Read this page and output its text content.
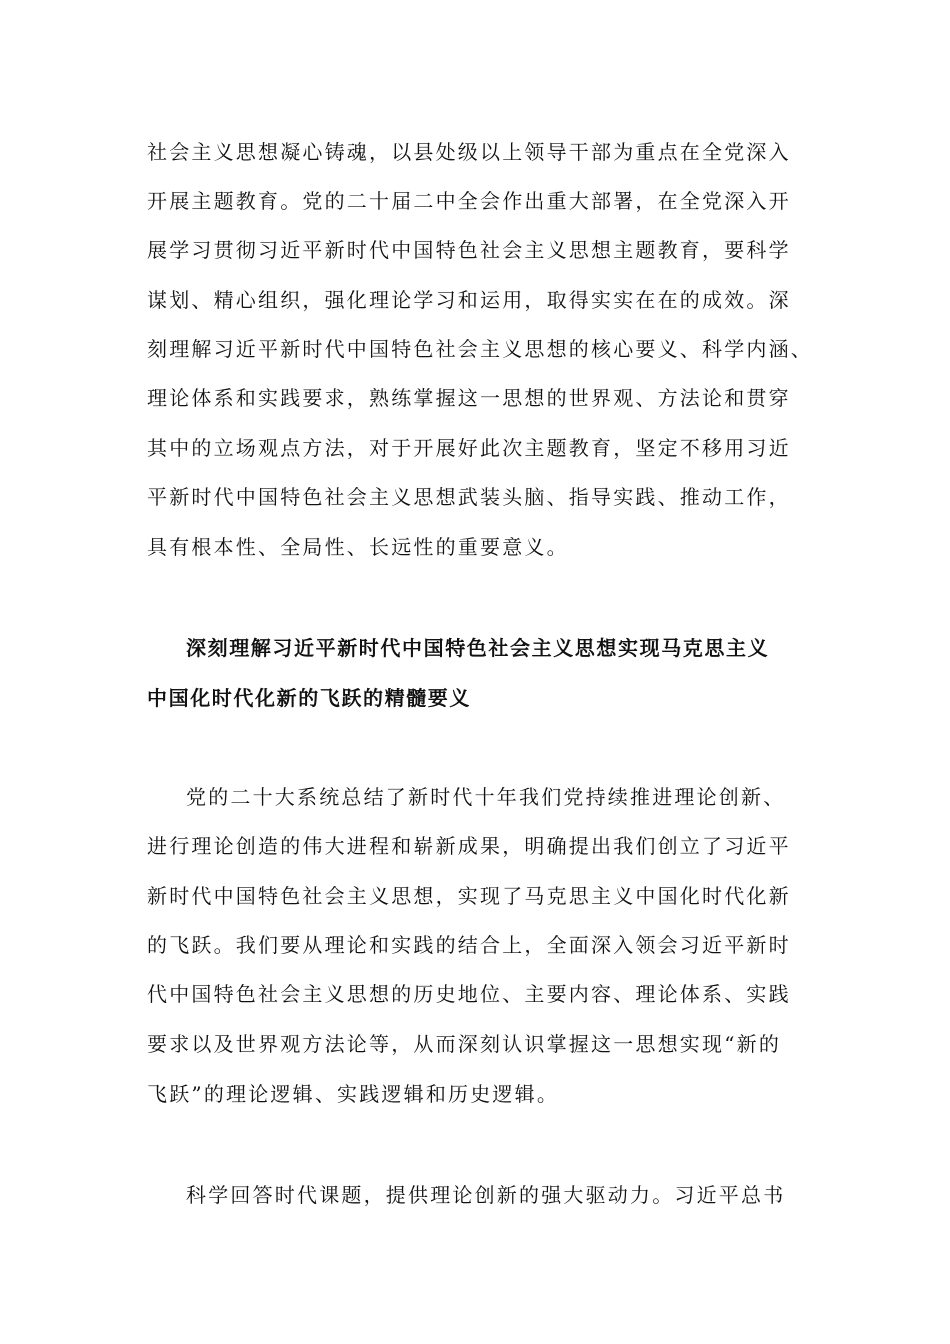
社会主义思想凝心铸魂，以县处级以上领导干部为重点在全党深入
开展主题教育。党的二十届二中全会作出重大部署，在全党深入开
展学习贯彻习近平新时代中国特色社会主义思想主题教育，要科学
谋划、精心组织，强化理论学习和运用，取得实实在在的成效。深
刻理解习近平新时代中国特色社会主义思想的核心要义、科学内涵、
理论体系和实践要求，熟练掌握这一思想的世界观、方法论和贯穿
其中的立场观点方法，对于开展好此次主题教育，坚定不移用习近
平新时代中国特色社会主义思想武装头脑、指导实践、推动工作，
具有根本性、全局性、长远性的重要意义。
深刻理解习近平新时代中国特色社会主义思想实现马克思主义
中国化时代化新的飞跃的精髓要义
党的二十大系统总结了新时代十年我们党持续推进理论创新、
进行理论创造的伟大进程和崭新成果，明确提出我们创立了习近平
新时代中国特色社会主义思想，实现了马克思主义中国化时代化新
的飞跃。我们要从理论和实践的结合上，全面深入领会习近平新时
代中国特色社会主义思想的历史地位、主要内容、理论体系、实践
要求以及世界观方法论等，从而深刻认识掌握这一思想实现“新的
飞跃”的理论逻辑、实践逻辑和历史逻辑。
科学回答时代课题，提供理论创新的强大驱动力。习近平总书
